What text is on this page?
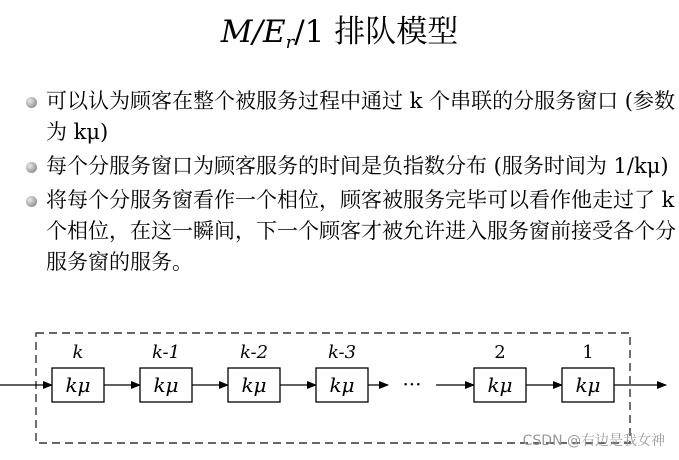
$M/E_r/1$ 排队模型
可以认为顾客在整个被服务过程中通过 k 个串联的分服务窗口 (参数为 kμ)
每个分服务窗口为顾客服务的时间是负指数分布 (服务时间为 1/kμ)
将每个分服务窗看作一个相位，顾客被服务完毕可以看作他走过了 k 个相位，在这一瞬间，下一个顾客才被允许进入服务窗前接受各个分服务窗的服务。
kμ
k
kμ
k-1
kμ
k-2
kμ
k-3
···	kμ
2
kμ
1
CSDN @右边是我女神
